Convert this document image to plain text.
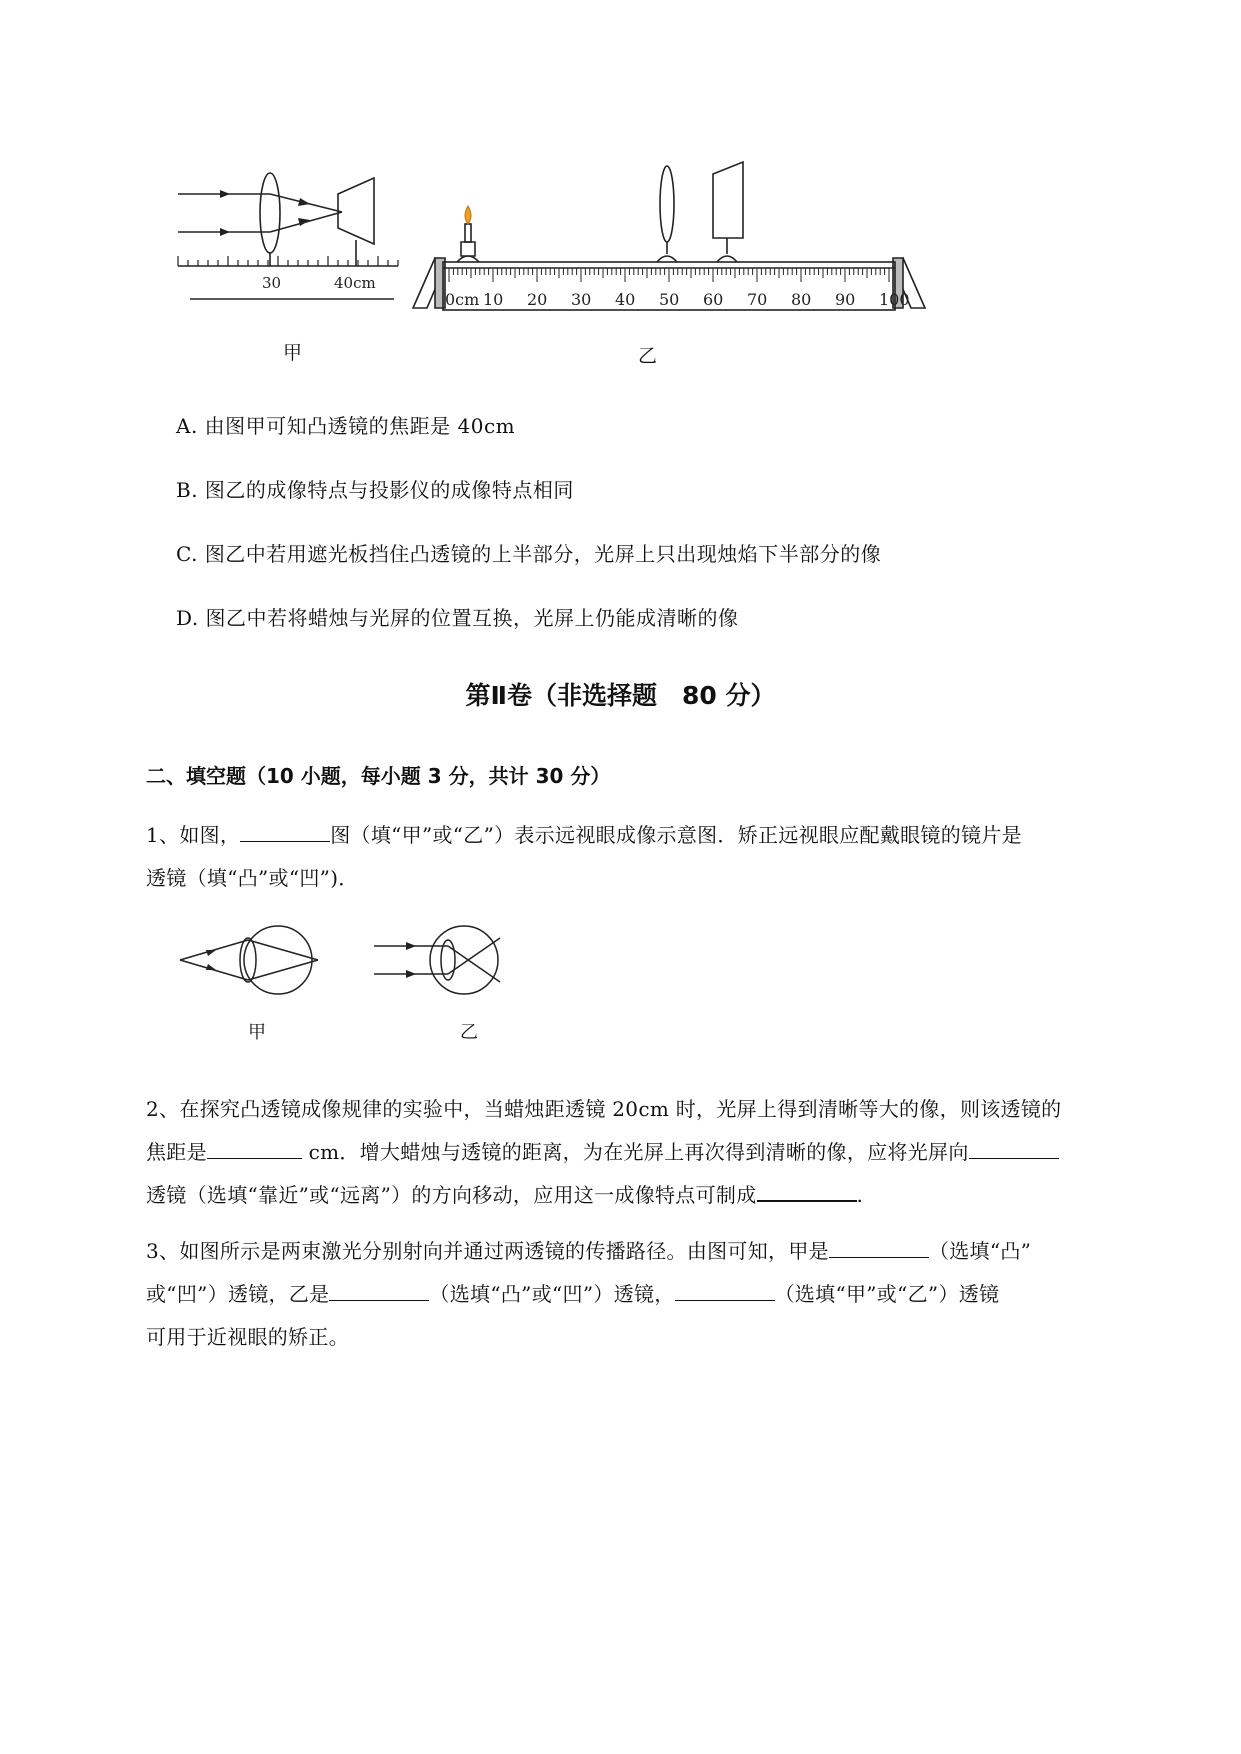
30	40cm
甲
0cm 10 20 30 40 50 60 70 80 90 100
乙
A. 由图甲可知凸透镜的焦距是 40cm
B. 图乙的成像特点与投影仪的成像特点相同
C. 图乙中若用遮光板挡住凸透镜的上半部分，光屏上只出现烛焰下半部分的像
D. 图乙中若将蜡烛与光屏的位置互换，光屏上仍能成清晰的像
第Ⅱ卷（非选择题　80 分）
二、填空题（10 小题，每小题 3 分，共计 30 分）
1、如图，	图（填“甲”或“乙”）表示远视眼成像示意图．矫正远视眼应配戴眼镜的镜片是
透镜（填“凸”或“凹”)．
甲	乙
2、在探究凸透镜成像规律的实验中，当蜡烛距透镜 20cm 时，光屏上得到清晰等大的像，则该透镜的
焦距是	cm．增大蜡烛与透镜的距离，为在光屏上再次得到清晰的像，应将光屏向
透镜（选填“靠近”或“远离”）的方向移动，应用这一成像特点可制成	.
3、如图所示是两束激光分别射向并通过两透镜的传播路径。由图可知，甲是	（选填“凸”
或“凹”）透镜，乙是	（选填“凸”或“凹”）透镜，	（选填“甲”或“乙”）透镜
可用于近视眼的矫正。
